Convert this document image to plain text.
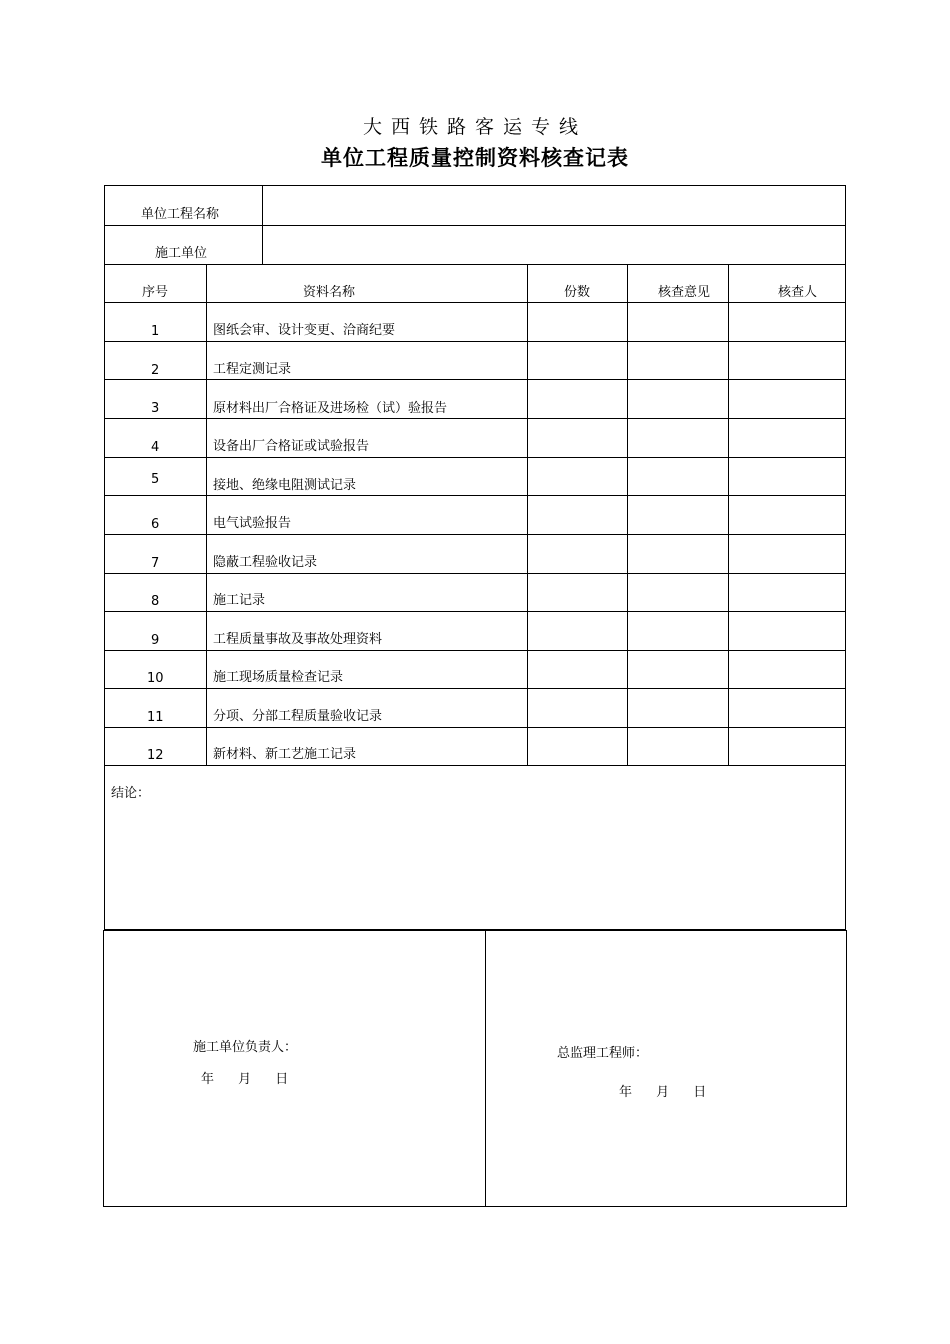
大西铁路客运专线
单位工程质量控制资料核查记表
单位工程名称
施工单位
序号	资料名称	份数	核查意见	核查人
1	图纸会审、设计变更、洽商纪要
2	工程定测记录
3	原材料出厂合格证及进场检（试）验报告
4	设备出厂合格证或试验报告
5	接地、绝缘电阻测试记录
6	电气试验报告
7	隐蔽工程验收记录
8	施工记录
9	工程质量事故及事故处理资料
10	施工现场质量检查记录
11	分项、分部工程质量验收记录
12	新材料、新工艺施工记录
结论：
施工单位负责人：
年 月 日
总监理工程师：
年 月 日
